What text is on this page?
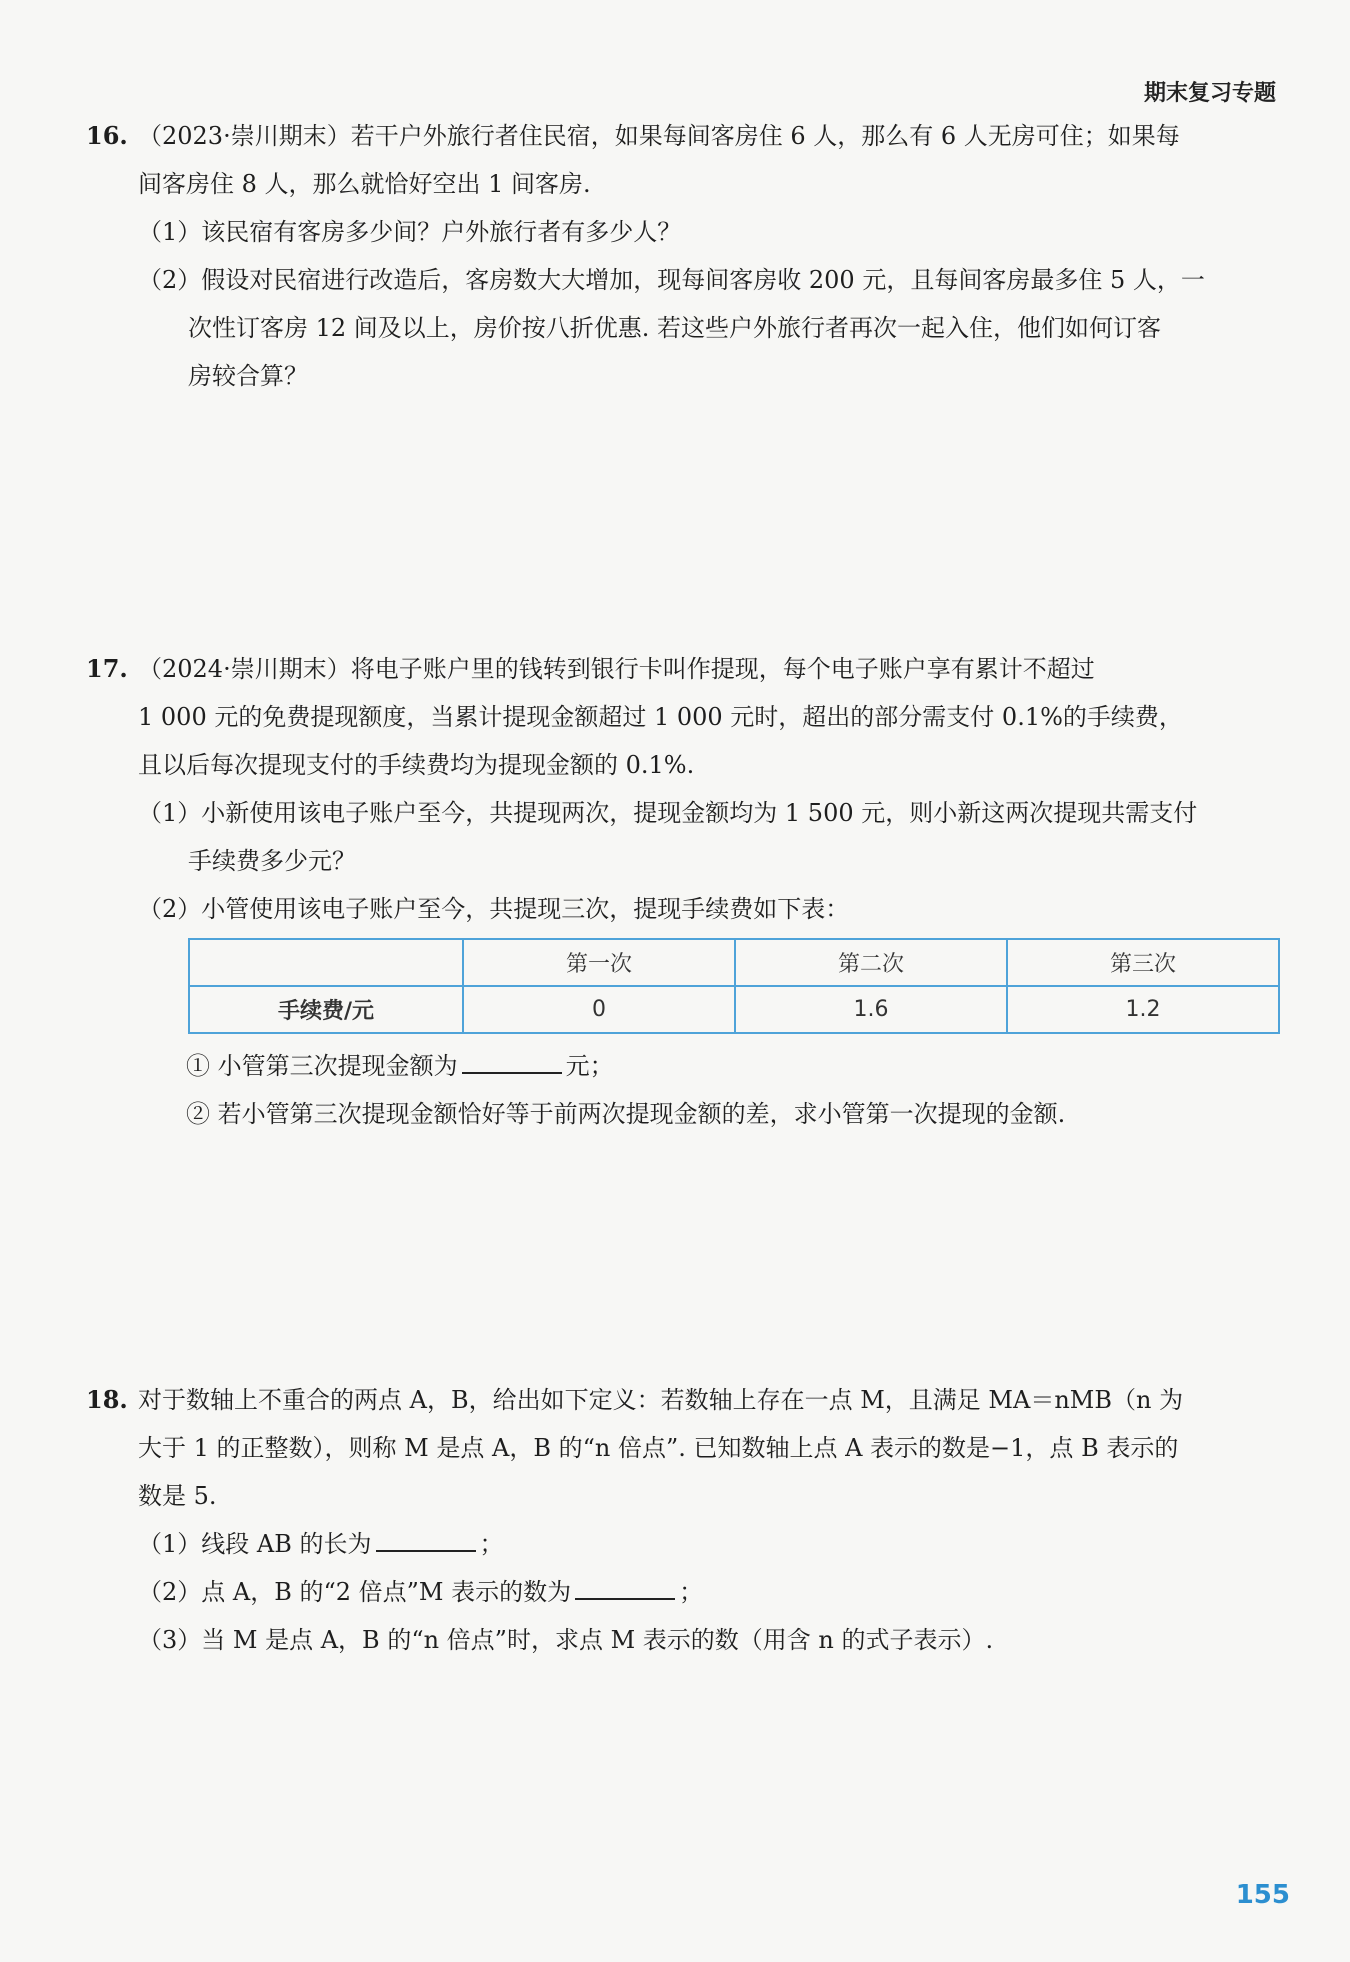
期末复习专题
16. （2023·崇川期末）若干户外旅行者住民宿，如果每间客房住 6 人，那么有 6 人无房可住；如果每
间客房住 8 人，那么就恰好空出 1 间客房.
（1）该民宿有客房多少间？户外旅行者有多少人？
（2）假设对民宿进行改造后，客房数大大增加，现每间客房收 200 元，且每间客房最多住 5 人，一
次性订客房 12 间及以上，房价按八折优惠. 若这些户外旅行者再次一起入住，他们如何订客
房较合算？
17. （2024·崇川期末）将电子账户里的钱转到银行卡叫作提现，每个电子账户享有累计不超过
1 000 元的免费提现额度，当累计提现金额超过 1 000 元时，超出的部分需支付 0.1%的手续费，
且以后每次提现支付的手续费均为提现金额的 0.1%.
（1）小新使用该电子账户至今，共提现两次，提现金额均为 1 500 元，则小新这两次提现共需支付
手续费多少元？
（2）小管使用该电子账户至今，共提现三次，提现手续费如下表：
	第一次	第二次	第三次
手续费/元	0	1.6	1.2
① 小管第三次提现金额为	元；
② 若小管第三次提现金额恰好等于前两次提现金额的差，求小管第一次提现的金额.
18. 对于数轴上不重合的两点 A，B，给出如下定义：若数轴上存在一点 M，且满足 MA＝nMB（n 为
大于 1 的正整数），则称 M 是点 A，B 的“n 倍点”. 已知数轴上点 A 表示的数是−1，点 B 表示的
数是 5.
（1）线段 AB 的长为	；
（2）点 A，B 的“2 倍点”M 表示的数为	；
（3）当 M 是点 A，B 的“n 倍点”时，求点 M 表示的数（用含 n 的式子表示）.
155
